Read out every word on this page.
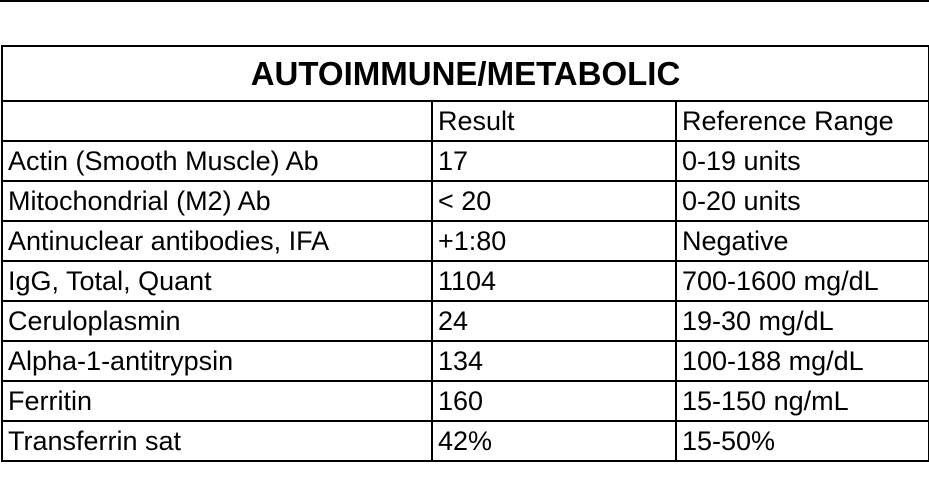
AUTOIMMUNE/METABOLIC		
	Result	Reference Range
Actin (Smooth Muscle) Ab	17	0-19 units
Mitochondrial (M2) Ab	< 20	0-20 units
Antinuclear antibodies, IFA	+1:80	Negative
IgG, Total, Quant	1104	700-1600 mg/dL
Ceruloplasmin	24	19-30 mg/dL
Alpha-1-antitrypsin	134	100-188 mg/dL
Ferritin	160	15-150 ng/mL
Transferrin sat	42%	15-50%
